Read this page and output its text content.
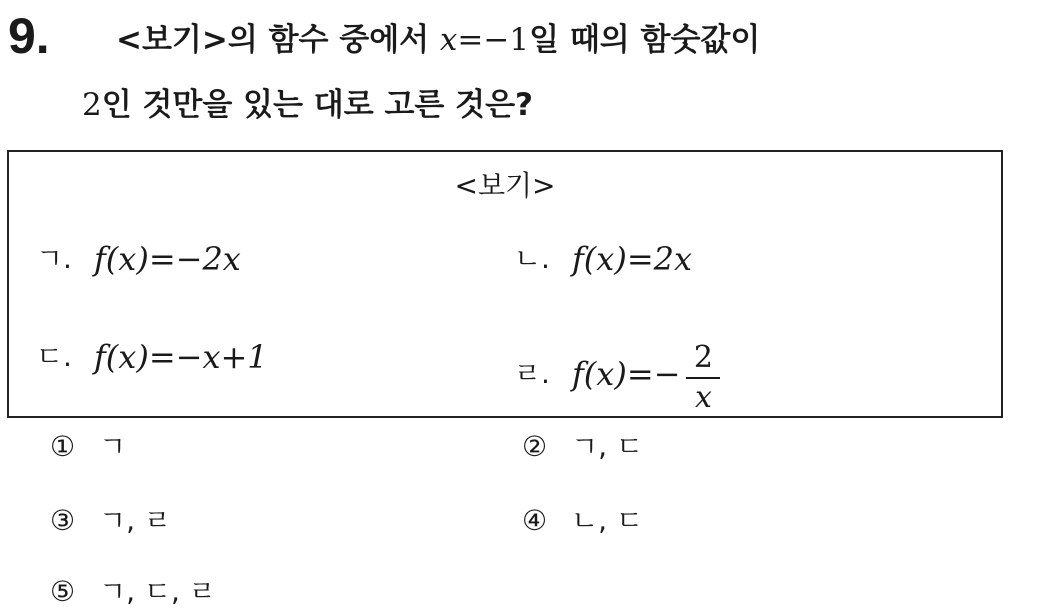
9. <보기>의 함수 중에서 x=−1일 때의 함숫값이
2인 것만을 있는 대로 고른 것은?
<보기>
ㄱ. f(x)=−2x	ㄴ. f(x)=2x
ㄷ. f(x)=−x+1	ㄹ. $f(x)=- \frac{2}{x}$
① ㄱ	② ㄱ, ㄷ
③ ㄱ, ㄹ	④ ㄴ, ㄷ
⑤ ㄱ, ㄷ, ㄹ
